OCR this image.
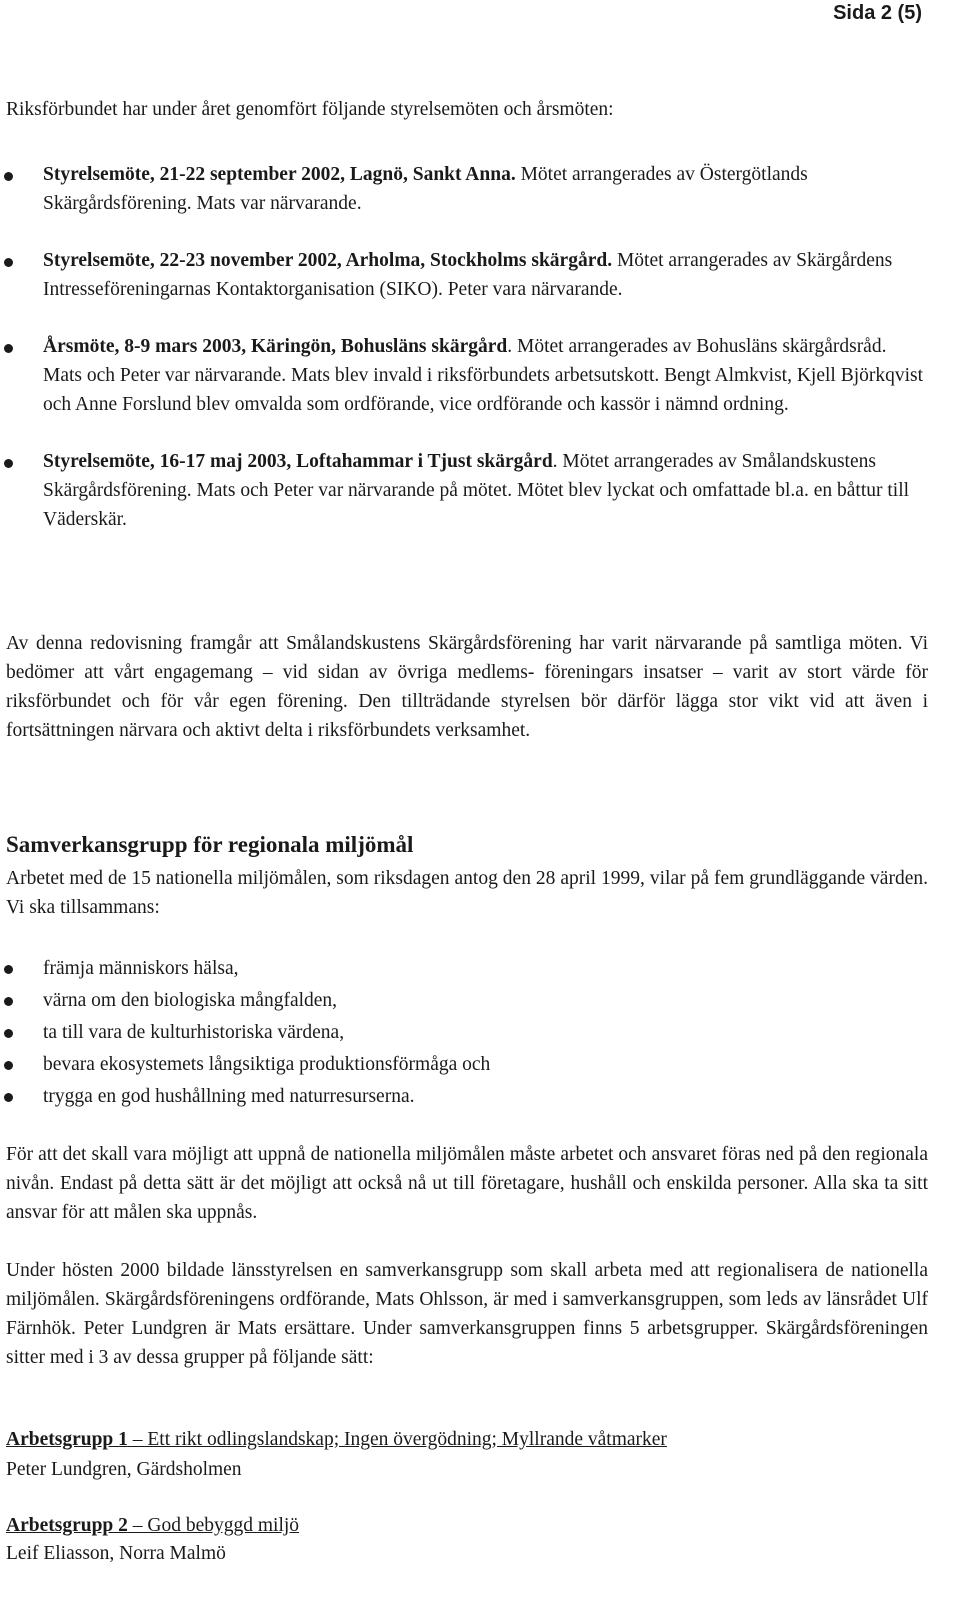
Sida 2 (5)
Riksförbundet har under året genomfört följande styrelsemöten och årsmöten:
Styrelsemöte, 21-22 september 2002, Lagnö, Sankt Anna. Mötet arrangerades av Östergötlands Skärgårdsförening. Mats var närvarande.
Styrelsemöte, 22-23 november 2002, Arholma, Stockholms skärgård. Mötet arrangerades av Skärgårdens Intresseföreningarnas Kontaktorganisation (SIKO). Peter vara närvarande.
Årsmöte, 8-9 mars 2003, Käringön, Bohusläns skärgård. Mötet arrangerades av Bohusläns skärgårdsråd. Mats och Peter var närvarande. Mats blev invald i riksförbundets arbetsutskott. Bengt Almkvist, Kjell Björkqvist och Anne Forslund blev omvalda som ordförande, vice ordförande och kassör i nämnd ordning.
Styrelsemöte, 16-17 maj 2003, Loftahammar i Tjust skärgård. Mötet arrangerades av Smålandskustens Skärgårdsförening. Mats och Peter var närvarande på mötet. Mötet blev lyckat och omfattade bl.a. en båttur till Väderskär.
Av denna redovisning framgår att Smålandskustens Skärgårdsförening har varit närvarande på samtliga möten. Vi bedömer att vårt engagemang – vid sidan av övriga medlems- föreningars insatser – varit av stort värde för riksförbundet och för vår egen förening. Den tillträdande styrelsen bör därför lägga stor vikt vid att även i fortsättningen närvara och aktivt delta i riksförbundets verksamhet.
Samverkansgrupp för regionala miljömål
Arbetet med de 15 nationella miljömålen, som riksdagen antog den 28 april 1999, vilar på fem grundläggande värden. Vi ska tillsammans:
främja människors hälsa,
värna om den biologiska mångfalden,
ta till vara de kulturhistoriska värdena,
bevara ekosystemets långsiktiga produktionsförmåga och
trygga en god hushållning med naturresurserna.
För att det skall vara möjligt att uppnå de nationella miljömålen måste arbetet och ansvaret föras ned på den regionala nivån. Endast på detta sätt är det möjligt att också nå ut till företagare, hushåll och enskilda personer. Alla ska ta sitt ansvar för att målen ska uppnås.
Under hösten 2000 bildade länsstyrelsen en samverkansgrupp som skall arbeta med att regionalisera de nationella miljömålen. Skärgårdsföreningens ordförande, Mats Ohlsson, är med i samverkansgruppen, som leds av länsrådet Ulf Färnhök. Peter Lundgren är Mats ersättare. Under samverkansgruppen finns 5 arbetsgrupper. Skärgårdsföreningen sitter med i 3 av dessa grupper på följande sätt:
Arbetsgrupp 1 – Ett rikt odlingslandskap; Ingen övergödning; Myllrande våtmarker
Peter Lundgren, Gärdsholmen
Arbetsgrupp 2 – God bebyggd miljö
Leif Eliasson, Norra Malmö
